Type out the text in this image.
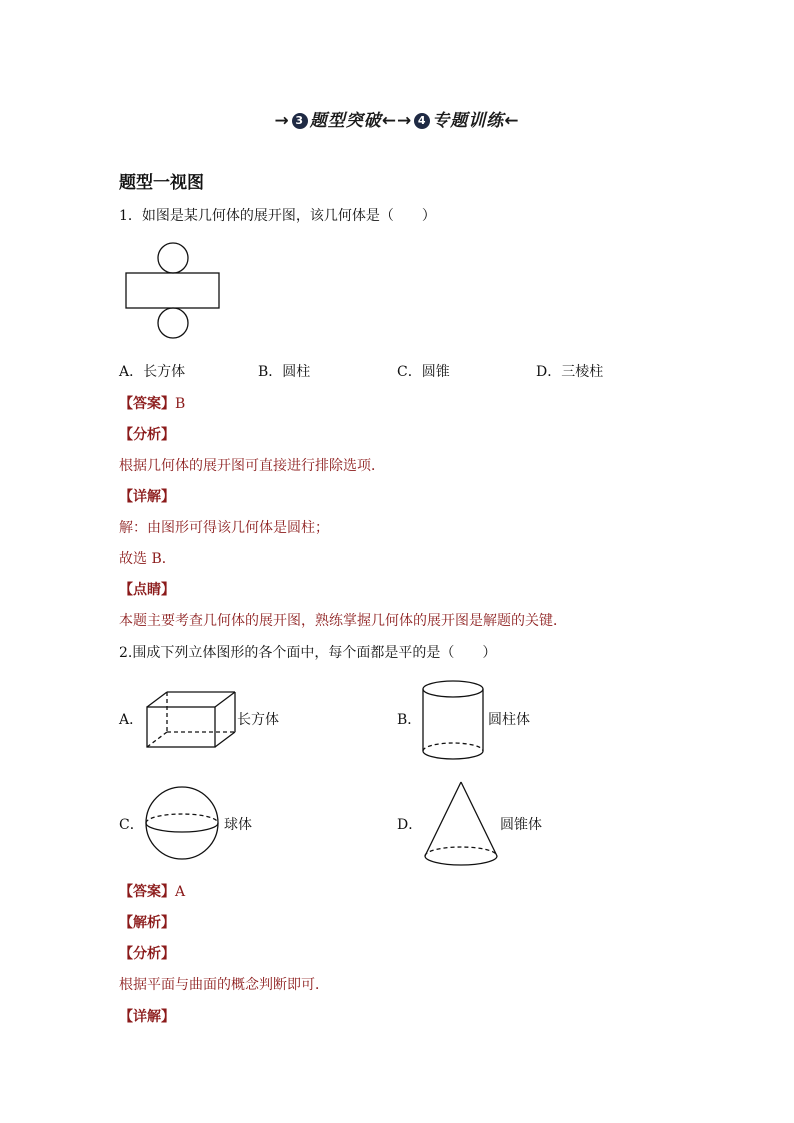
→ 3 题型突破←→ 4 专题训练←
题型一视图
1．如图是某几何体的展开图，该几何体是（　　）
A．长方体	B．圆柱	C．圆锥	D．三棱柱
【答案】B
【分析】
根据几何体的展开图可直接进行排除选项．
【详解】
解：由图形可得该几何体是圆柱；
故选 B．
【点睛】
本题主要考查几何体的展开图，熟练掌握几何体的展开图是解题的关键．
2.围成下列立体图形的各个面中，每个面都是平的是（　　）
A．	长方体	B．	圆柱体
C．	球体	D．	圆锥体
【答案】A
【解析】
【分析】
根据平面与曲面的概念判断即可．
【详解】
